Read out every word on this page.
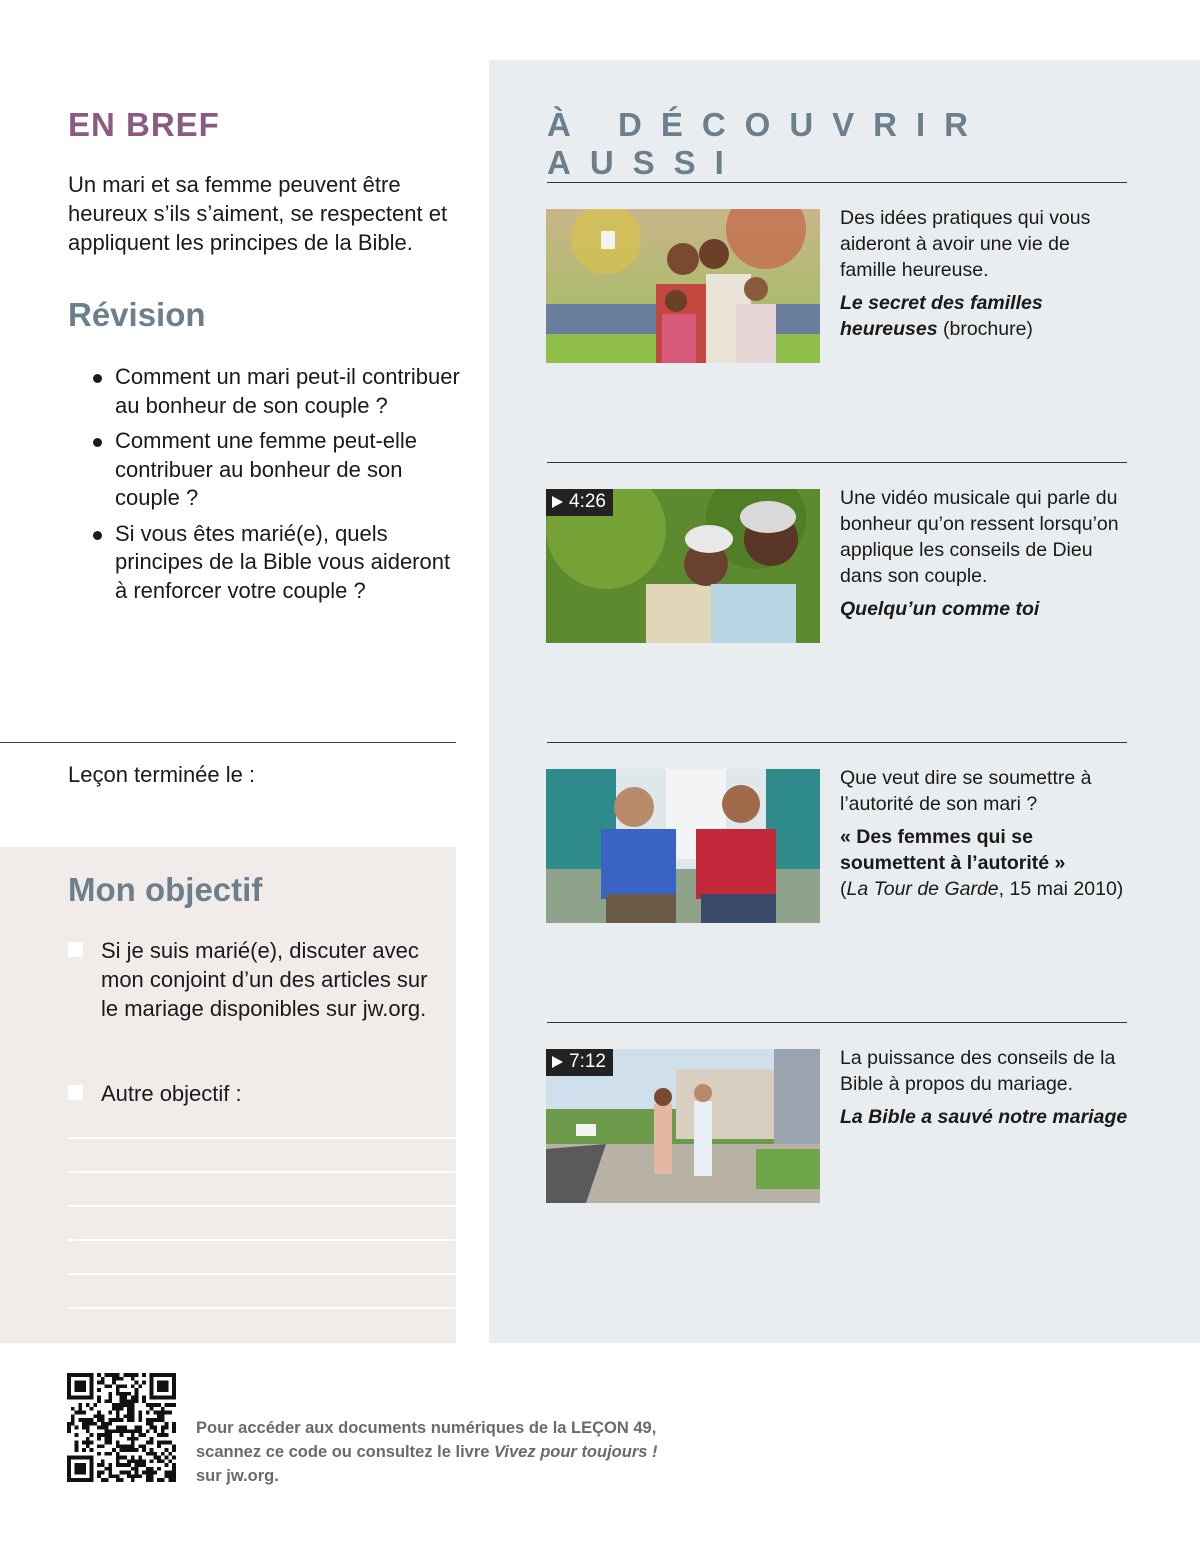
EN BREF
Un mari et sa femme peuvent être heureux s’ils s’aiment, se respectent et appliquent les principes de la Bible.
Révision
Comment un mari peut-il contribuer au bonheur de son couple ?
Comment une femme peut-elle contribuer au bonheur de son couple ?
Si vous êtes marié(e), quels principes de la Bible vous aideront à renforcer votre couple ?
Leçon terminée le :
Mon objectif
Si je suis marié(e), discuter avec mon conjoint d’un des articles sur le mariage disponibles sur jw.org.
Autre objectif :
À DÉCOUVRIR AUSSI
Des idées pratiques qui vous aideront à avoir une vie de famille heureuse.
Le secret des familles heureuses (brochure)
4:26	Une vidéo musicale qui parle du bonheur qu’on ressent lorsqu’on applique les conseils de Dieu dans son couple.
Quelqu’un comme toi
Que veut dire se soumettre à l’autorité de son mari ?
« Des femmes qui se soumettent à l’autorité »
(La Tour de Garde, 15 mai 2010)
7:12	La puissance des conseils de la Bible à propos du mariage.
La Bible a sauvé notre mariage
Pour accéder aux documents numériques de la LEÇON 49,
scannez ce code ou consultez le livre Vivez pour toujours !
sur jw.org.
